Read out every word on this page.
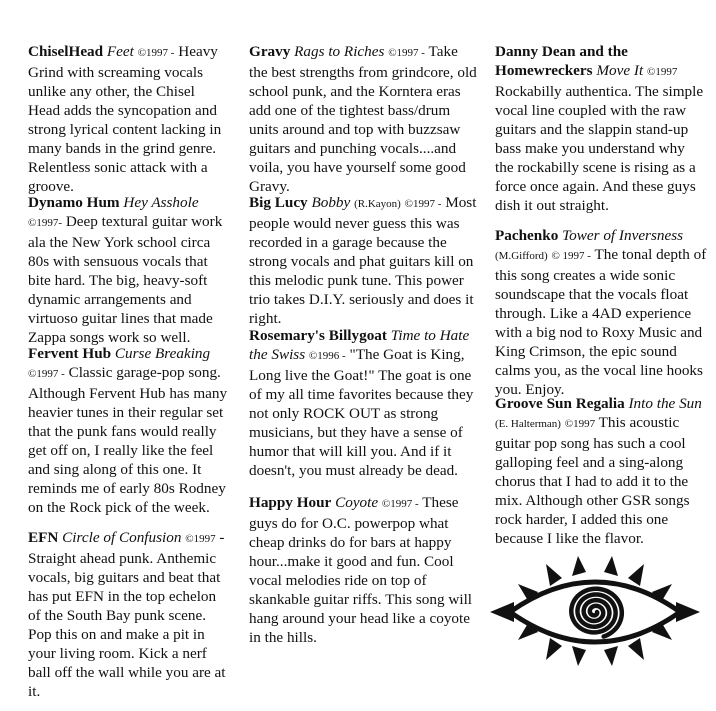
ChiselHead Feet ©1997 - Heavy Grind with screaming vocals unlike any other, the Chisel Head adds the syncopation and strong lyrical content lacking in many bands in the grind genre. Relentless sonic attack with a groove.
Dynamo Hum Hey Asshole ©1997- Deep textural guitar work ala the New York school circa 80s with sensuous vocals that bite hard. The big, heavy-soft dynamic arrangements and virtuoso guitar lines that made Zappa songs work so well.
Fervent Hub Curse Breaking ©1997 - Classic garage-pop song. Although Fervent Hub has many heavier tunes in their regular set that the punk fans would really get off on, I really like the feel and sing along of this one. It reminds me of early 80s Rodney on the Rock pick of the week.
EFN Circle of Confusion ©1997 - Straight ahead punk. Anthemic vocals, big guitars and beat that has put EFN in the top echelon of the South Bay punk scene. Pop this on and make a pit in your living room. Kick a nerf ball off the wall while you are at it.
Gravy Rags to Riches ©1997 - Take the best strengths from grindcore, old school punk, and the Korntera eras add one of the tightest bass/drum units around and top with buzzsaw guitars and punching vocals....and voila, you have yourself some good Gravy.
Big Lucy Bobby (R.Kayon) ©1997 - Most people would never guess this was recorded in a garage because the strong vocals and phat guitars kill on this melodic punk tune. This power trio takes D.I.Y. seriously and does it right.
Rosemary's Billygoat Time to Hate the Swiss ©1996 - "The Goat is King, Long live the Goat!" The goat is one of my all time favorites because they not only ROCK OUT as strong musicians, but they have a sense of humor that will kill you. And if it doesn't, you must already be dead.
Happy Hour Coyote ©1997 - These guys do for O.C. powerpop what cheap drinks do for bars at happy hour...make it good and fun. Cool vocal melodies ride on top of skankable guitar riffs. This song will hang around your head like a coyote in the hills.
Danny Dean and the Homewreckers Move It ©1997 Rockabilly authentica. The simple vocal line coupled with the raw guitars and the slappin stand-up bass make you understand why the rockabilly scene is rising as a force once again. And these guys dish it out straight.
Pachenko Tower of Inversness (M.Gifford) © 1997 - The tonal depth of this song creates a wide sonic soundscape that the vocals float through. Like a 4AD experience with a big nod to Roxy Music and King Crimson, the epic sound calms you, as the vocal line hooks you. Enjoy.
Groove Sun Regalia Into the Sun (E. Halterman) ©1997 This acoustic guitar pop song has such a cool galloping feel and a sing-along chorus that I had to add it to the mix. Although other GSR songs rock harder, I added this one because I like the flavor.
